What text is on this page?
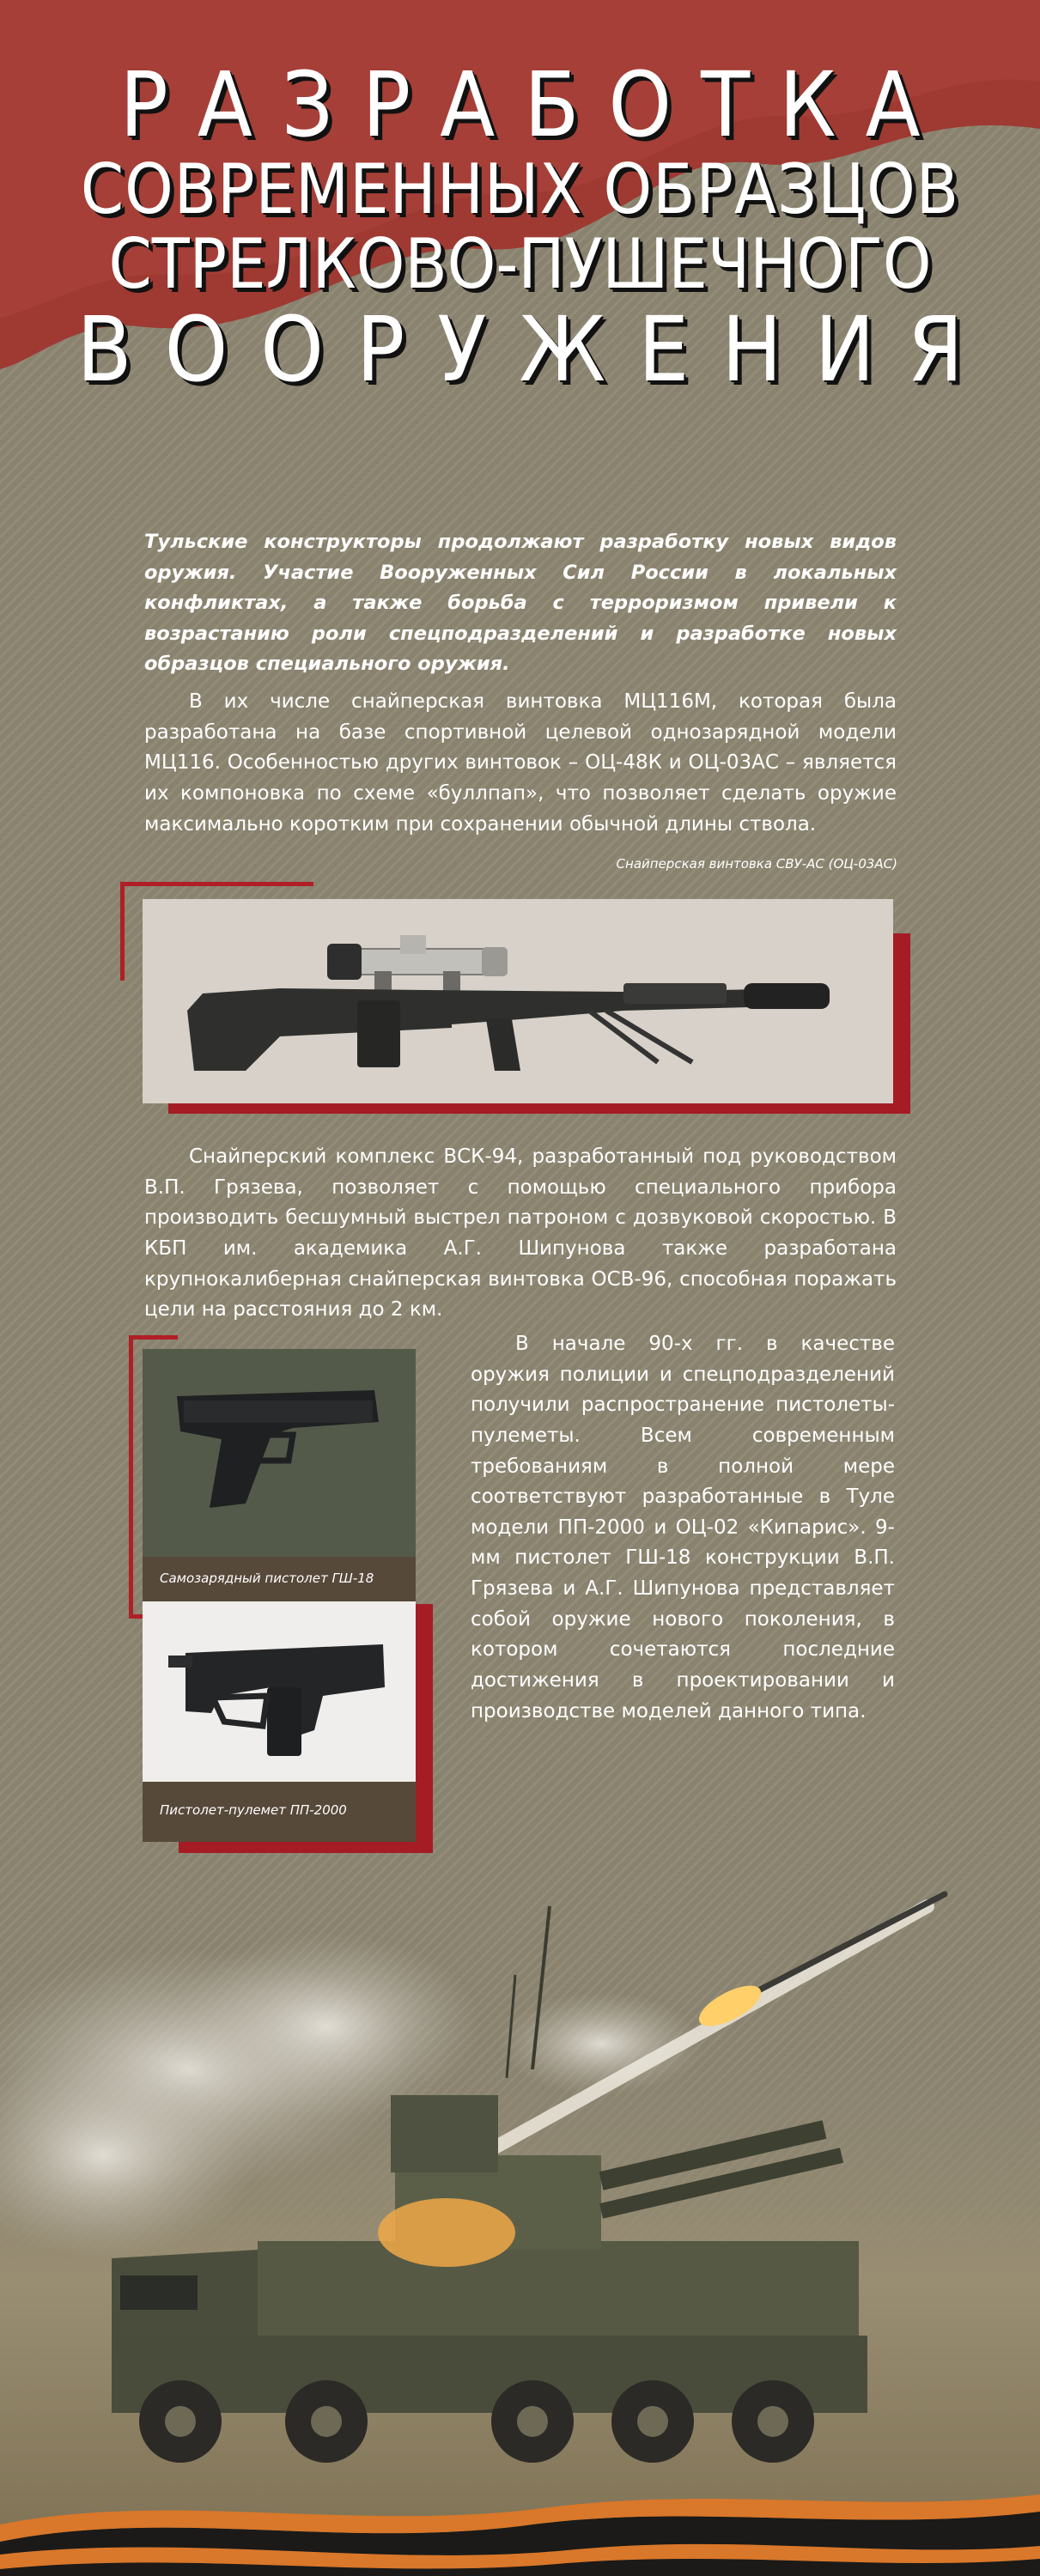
РАЗРАБОТКА
СОВРЕМЕННЫХ ОБРАЗЦОВ
СТРЕЛКОВО-ПУШЕЧНОГО
ВООРУЖЕНИЯ

Тульские конструкторы продолжают разработку новых видов оружия. Участие Вооруженных Сил России в локальных конфликтах, а также борьба с терроризмом привели к возрастанию роли спецподразделений и разработке новых образцов специального оружия.

В их числе снайперская винтовка МЦ116М, которая была разработана на базе спортивной целевой однозарядной модели МЦ116. Особенностью других винтовок – ОЦ-48К и ОЦ-03АС – является их компоновка по схеме «буллпап», что позволяет сделать оружие максимально коротким при сохранении обычной длины ствола.

Снайперская винтовка СВУ-АС (ОЦ-03АС)

Снайперский комплекс ВСК-94, разработанный под руководством В.П. Грязева, позволяет с помощью специального прибора производить бесшумный выстрел патроном с дозвуковой скоростью. В КБП им. академика А.Г. Шипунова также разработана крупнокалиберная снайперская винтовка ОСВ-96, способная поражать цели на расстояния до 2 км.

Самозарядный пистолет ГШ-18
Пистолет-пулемет ПП-2000

В начале 90-х гг. в качестве оружия полиции и спецподразделений получили распространение пистолеты-пулеметы. Всем современным требованиям в полной мере соответствуют разработанные в Туле модели ПП-2000 и ОЦ-02 «Кипарис». 9-мм пистолет ГШ-18 конструкции В.П. Грязева и А.Г. Шипунова представляет собой оружие нового поколения, в котором сочетаются последние достижения в проектировании и производстве моделей данного типа.
